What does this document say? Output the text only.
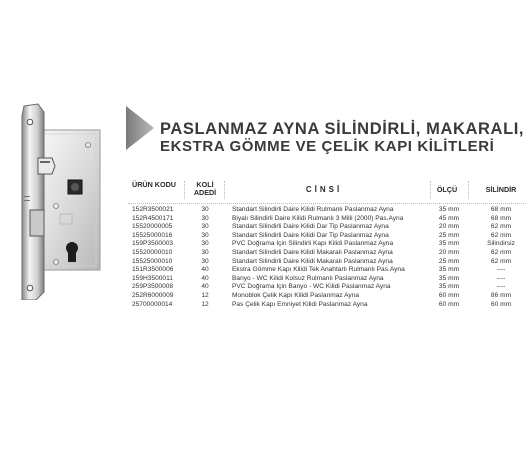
PASLANMAZ AYNA SİLİNDİRLİ, MAKARALI,
EKSTRA GÖMME VE ÇELİK KAPI KİLİTLERİ
ÜRÜN KODU	KOLİ ADEDİ	CİNSİ	ÖLÇÜ	SİLİNDİR
152R3500021	30	Standart Silindirli Daire Kilidi Rulmanlı Paslanmaz Ayna	35 mm	68 mm
152R4500171	30	Biyalı Silindirli Daire Kilidi Rulmanlı 3 Milli (2000) Pas.Ayna	45 mm	68 mm
15520000005	30	Standart Silindirli Daire Kilidi Dar Tip Paslanmaz Ayna	20 mm	62 mm
15525000016	30	Standart Silindirli Daire Kilidi Dar Tip Paslanmaz Ayna	25 mm	62 mm
159P3500003	30	PVC Doğrama İçin Silindirli Kapı Kilidi Paslanmaz Ayna	35 mm	Silindirsiz
15520000010	30	Standart Silindirli Daire Kilidi Makaralı Paslanmaz Ayna	20 mm	62 mm
15525000010	30	Standart Silindirli Daire Kilidi Makaralı Paslanmaz Ayna	25 mm	62 mm
151R3500006	40	Ekstra Gömme Kapı Kilidi Tek Anahtarlı Rulmanlı Pas.Ayna	35 mm	----
159H3500011	40	Banyo - WC Kilidi Kolsuz Rulmanlı Paslanmaz Ayna	35 mm	----
259P3500008	40	PVC Doğrama İçin Banyo - WC Kilidi Paslanmaz Ayna	35 mm	----
252R6000009	12	Monoblok Çelik Kapı Kilidi Paslanmaz Ayna	60 mm	86 mm
25700000014	12	Pas Çelik Kapı Emniyet Kilidi Paslanmaz Ayna	60 mm	60 mm
